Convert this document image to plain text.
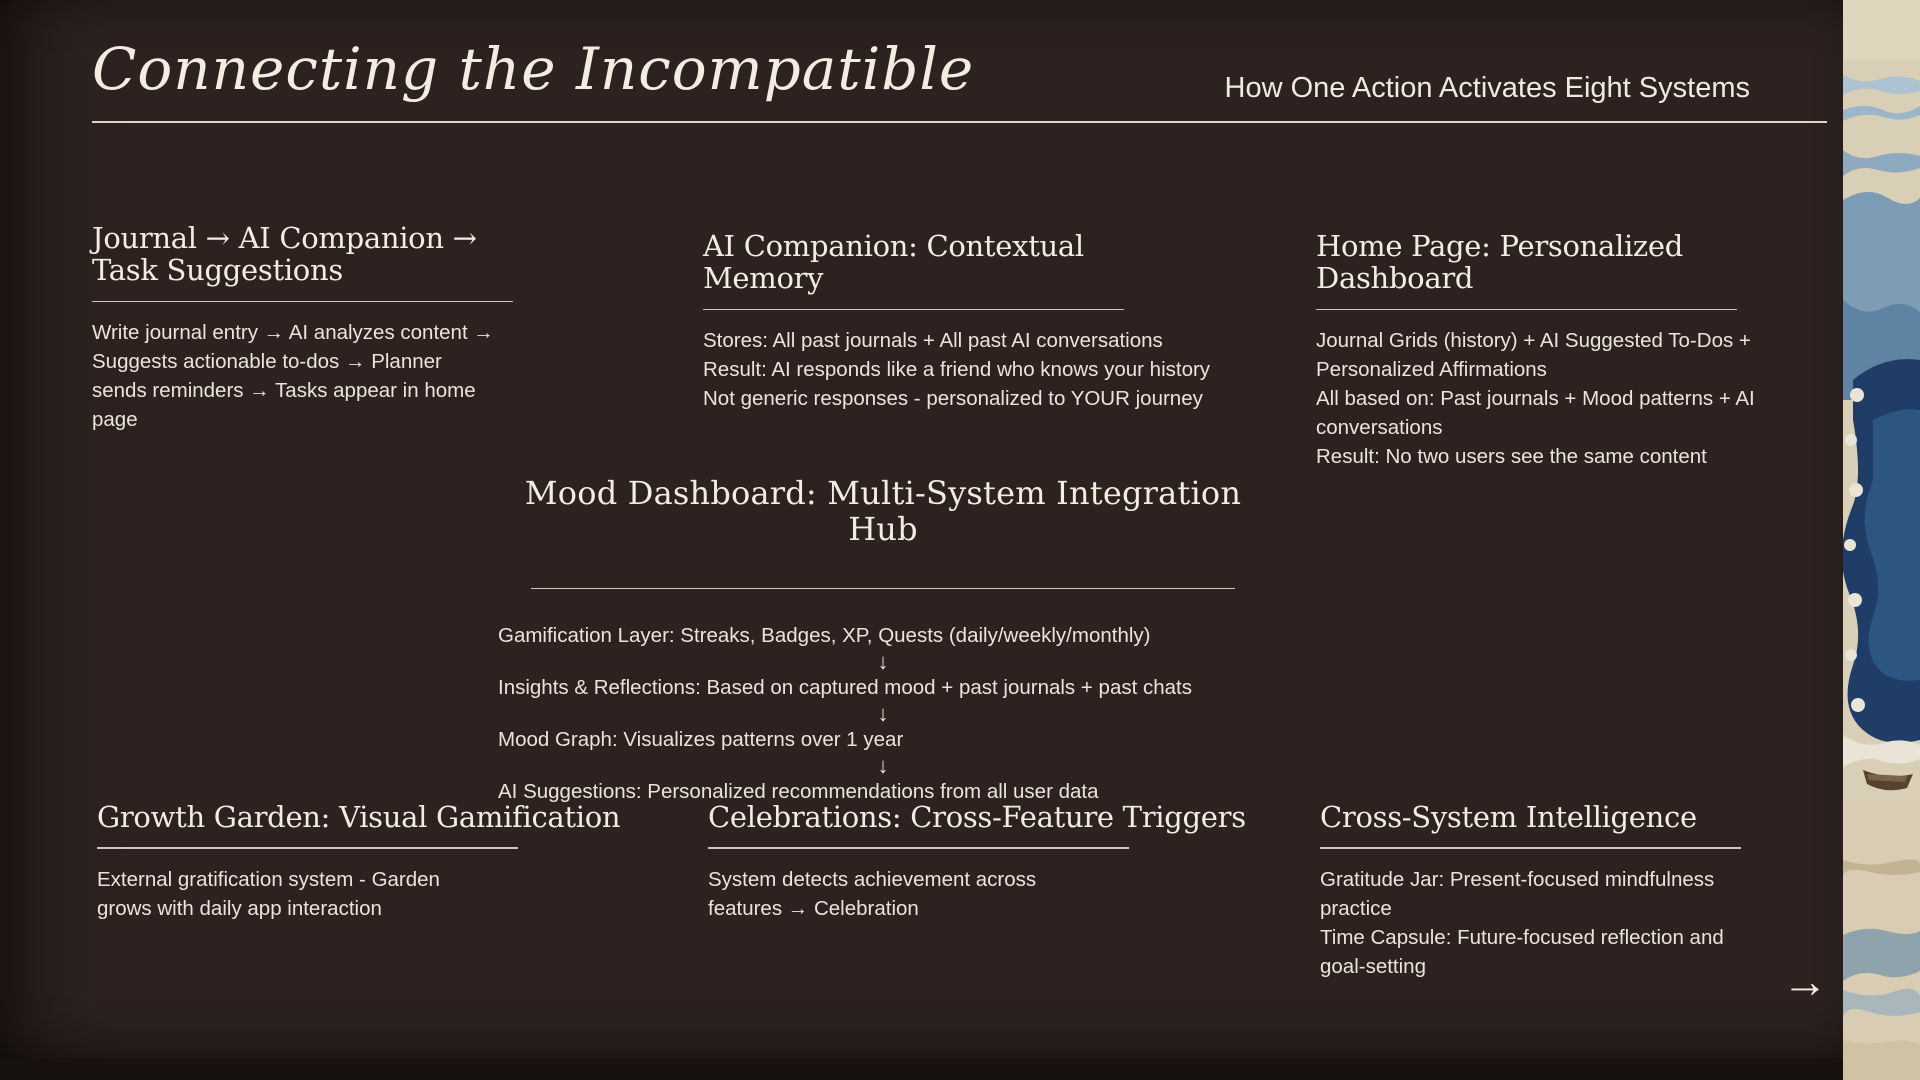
Connecting the Incompatible	How One Action Activates Eight Systems
Journal → AI Companion → Task Suggestions
Write journal entry → AI analyzes content → Suggests actionable to-dos → Planner sends reminders → Tasks appear in home page
AI Companion: Contextual Memory
Stores: All past journals + All past AI conversations
Result: AI responds like a friend who knows your history
Not generic responses - personalized to YOUR journey
Home Page: Personalized Dashboard
Journal Grids (history) + AI Suggested To-Dos + Personalized Affirmations
All based on: Past journals + Mood patterns + AI conversations
Result: No two users see the same content
Mood Dashboard: Multi-System Integration Hub
Gamification Layer: Streaks, Badges, XP, Quests (daily/weekly/monthly)
↓
Insights & Reflections: Based on captured mood + past journals + past chats
↓
Mood Graph: Visualizes patterns over 1 year
↓
AI Suggestions: Personalized recommendations from all user data
Growth Garden: Visual Gamification
External gratification system - Garden grows with daily app interaction
Celebrations: Cross-Feature Triggers
System detects achievement across features → Celebration
Cross-System Intelligence
Gratitude Jar: Present-focused mindfulness practice
Time Capsule: Future-focused reflection and goal-setting	→
